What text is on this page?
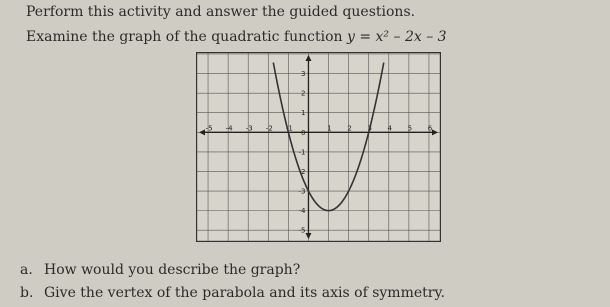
Perform this activity and answer the guided questions.
Examine the graph of the quadratic function y = x² – 2x – 3
-5 -4 -3 -2 -1	1 2 3 4 5 6
3
2
1
0
-1
-2
-3
-4
-5
a. How would you describe the graph?
b. Give the vertex of the parabola and its axis of symmetry.
